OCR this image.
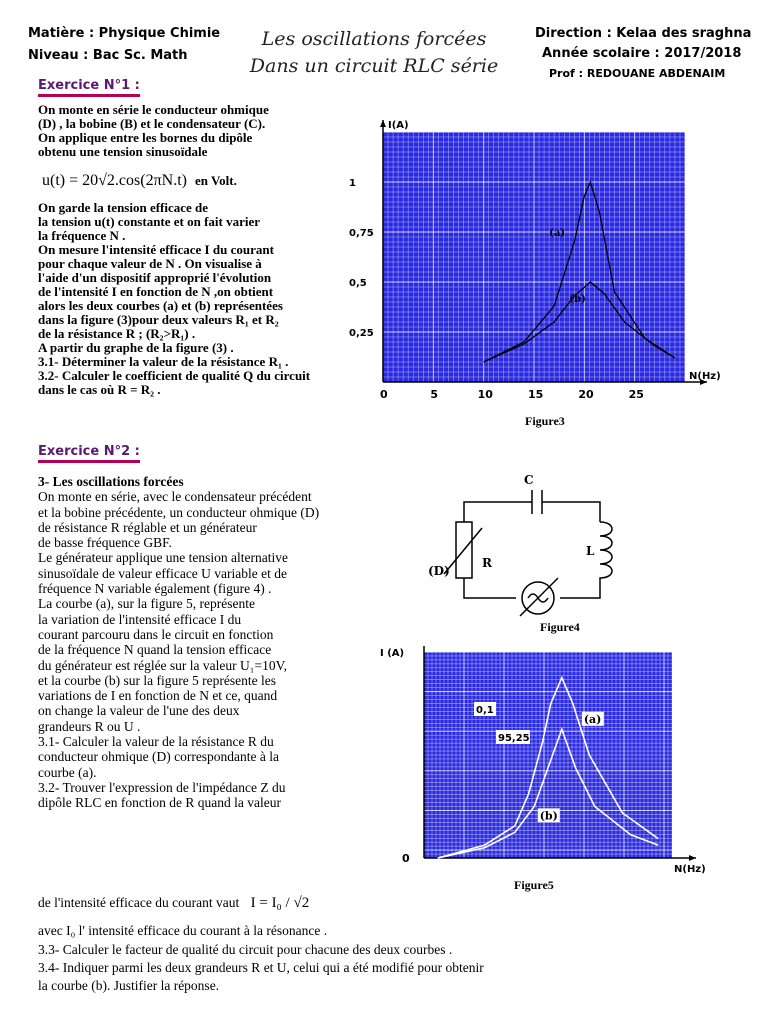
Matière : Physique Chimie
Niveau : Bac Sc. Math
Les oscillations forcées
Dans un circuit RLC série
Direction : Kelaa des sraghna
Année scolaire : 2017/2018
Prof : REDOUANE ABDENAIM
Exercice N°1 :
On monte en série le conducteur ohmique
(D) , la bobine (B) et le condensateur (C).
On applique entre les bornes du dipôle
obtenu une tension sinusoïdale
u(t) = 20√2.cos(2πN.t) en Volt.
On garde la tension efficace de
la tension u(t) constante et on fait varier
la fréquence N .
On mesure l'intensité efficace I du courant
pour chaque valeur de N . On visualise à
l'aide d'un dispositif approprié l'évolution
de l'intensité I en fonction de N ,on obtient
alors les deux courbes (a) et (b) représentées
dans la figure (3)pour deux valeurs R₁ et R₂
de la résistance R ; (R₂>R₁) .
A partir du graphe de la figure (3) .
3.1- Déterminer la valeur de la résistance R₁ .
3.2- Calculer le coefficient de qualité Q du circuit
dans le cas où R = R₂ .
I(A)
N(Hz)
0	5	10	15	20	25
0,25
0,5
0,75
1
(a)
(b)
Figure3
Exercice N°2 :
3- Les oscillations forcées
On monte en série, avec le condensateur précédent
et la bobine précédente, un conducteur ohmique (D)
de résistance R réglable et un générateur
de basse fréquence GBF.
Le générateur applique une tension alternative
sinusoïdale de valeur efficace U variable et de
fréquence N variable également (figure 4) .
La courbe (a), sur la figure 5, représente
la variation de l'intensité efficace I du
courant parcouru dans le circuit en fonction
de la fréquence N quand la tension efficace
du générateur est réglée sur la valeur U₁=10V,
et la courbe (b) sur la figure 5 représente les
variations de I en fonction de N et ce, quand
on change la valeur de l'une des deux
grandeurs R ou U .
3.1- Calculer la valeur de la résistance R du
conducteur ohmique (D) correspondante à la
courbe (a).
3.2- Trouver l'expression de l'impédance Z du
dipôle RLC en fonction de R quand la valeur
de l'intensité efficace du courant vaut I = I₀ / √2
avec I₀ l' intensité efficace du courant à la résonance .
3.3- Calculer le facteur de qualité du circuit pour chacune des deux courbes .
3.4- Indiquer parmi les deux grandeurs R et U, celui qui a été modifié pour obtenir
la courbe (b). Justifier la réponse.
C
L
R
(D)
Figure4
I (A)
N(Hz)
0
0,1
95,25
(a)
(b)
Figure5
